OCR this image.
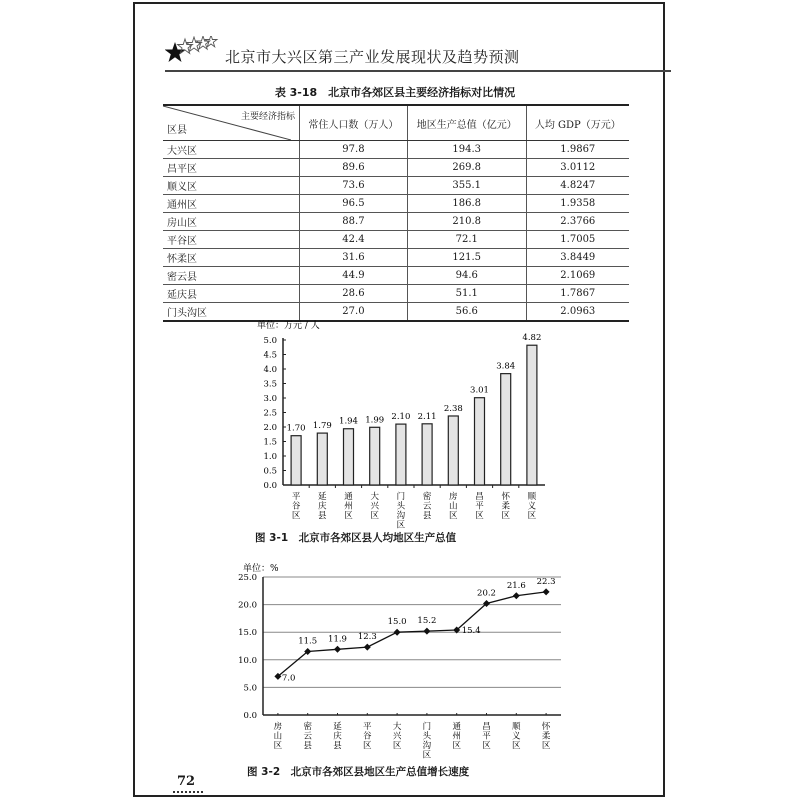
北京市大兴区第三产业发展现状及趋势预测
表 3-18　北京市各郊区县主要经济指标对比情况
主要经济指标
区县	常住人口数（万人）	地区生产总值（亿元）	人均 GDP（万元）
大兴区	97.8	194.3	1.9867
昌平区	89.6	269.8	3.0112
顺义区	73.6	355.1	4.8247
通州区	96.5	186.8	1.9358
房山区	88.7	210.8	2.3766
平谷区	42.4	72.1	1.7005
怀柔区	31.6	121.5	3.8449
密云县	44.9	94.6	2.1069
延庆县	28.6	51.1	1.7867
门头沟区	27.0	56.6	2.0963
单位：万元 / 人
0.0
0.5
1.0
1.5
2.0
2.5
3.0
3.5
4.0
4.5
5.0
1.70 1.79 1.94 1.99 2.10 2.11
2.38
3.01
3.84
4.82
平
谷
区
延
庆
县
通
州
区
大
兴
区
门
头
沟
区
密
云
县
房
山
区
昌
平
区
怀
柔
区
顺
义
区
图 3-1　北京市各郊区县人均地区生产总值
单位：%
0.0
5.0
10.0
15.0
20.0
25.0
7.0
11.5 11.9 12.3
15.0 15.2
15.4
20.2
21.6 22.3
房
山
区
密
云
县
延
庆
县
平
谷
区
大
兴
区
门
头
沟
区
通
州
区
昌
平
区
顺
义
区
怀
柔
区
图 3-2　北京市各郊区县地区生产总值增长速度
72
